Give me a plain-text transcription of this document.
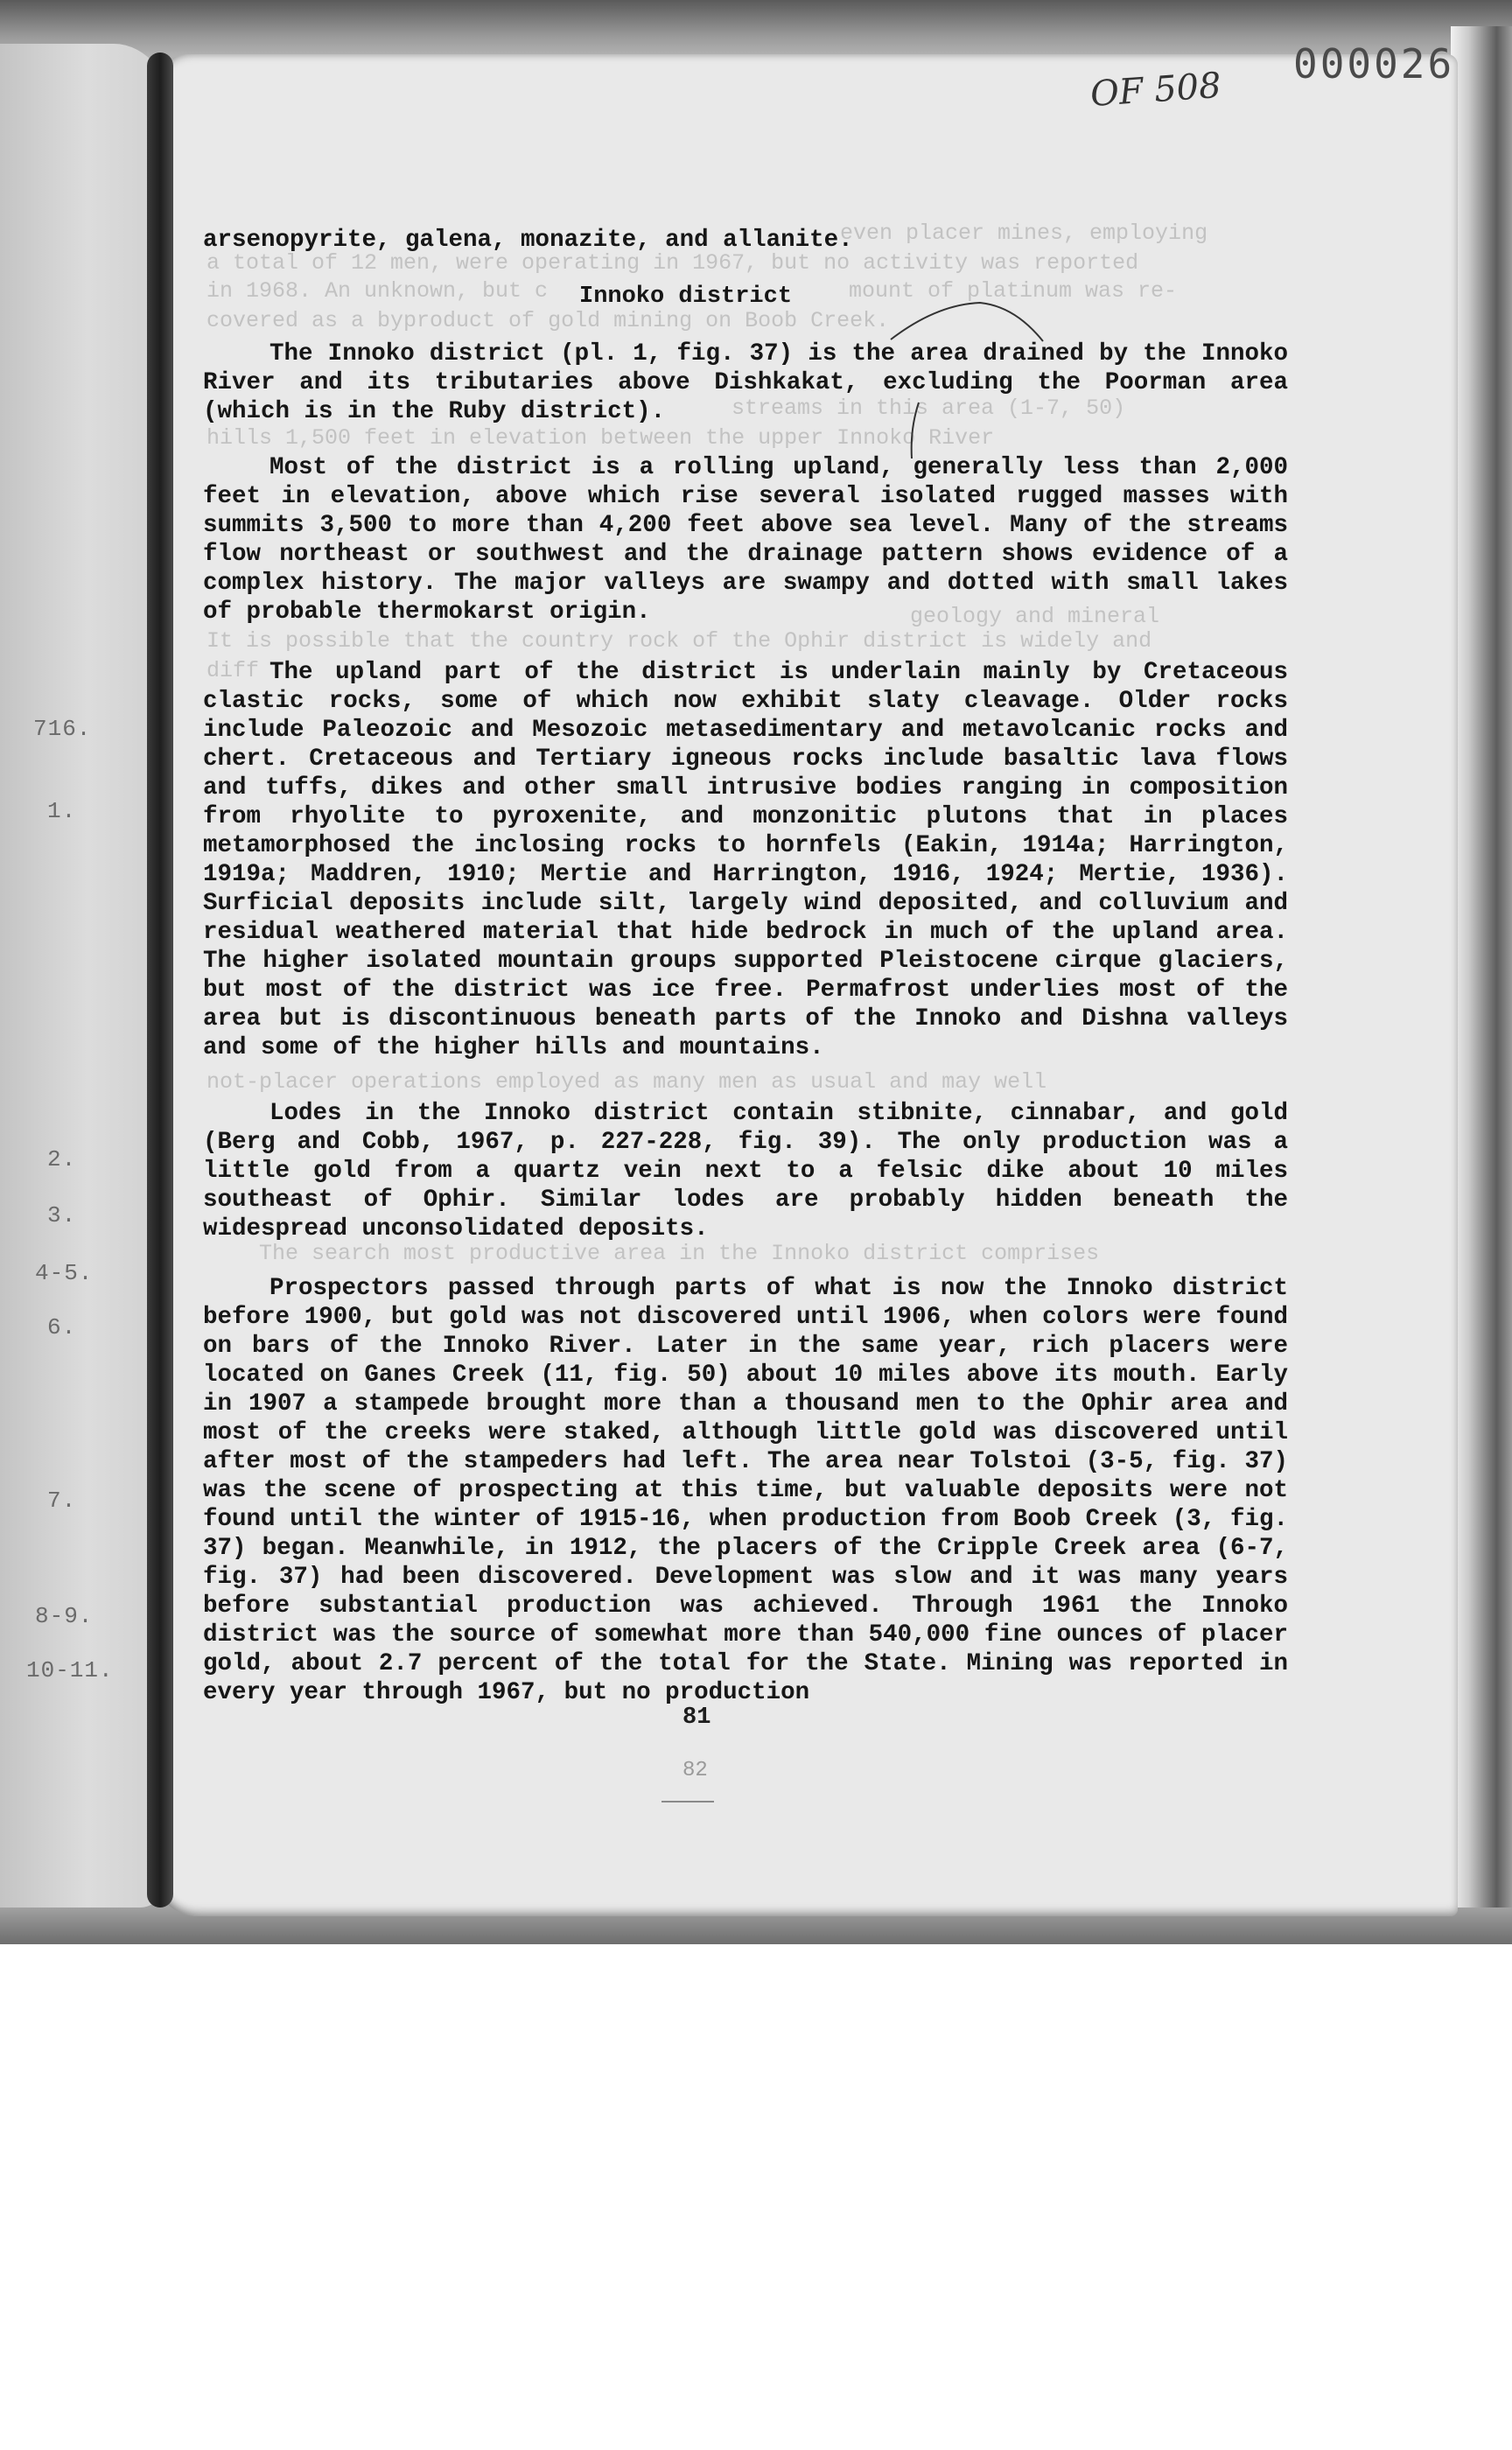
716.
1.
2.
3.
4-5.
6.
7.
8-9.
10-11.
OF 508
000026
even placer mines, employing
a total of 12 men, were operating in 1967, but no activity was reported
in 1968. An unknown, but c	mount of platinum was re-
covered as a byproduct of gold mining on Boob Creek.
streams in this area (1-7, 50)
hills 1,500 feet in elevation between the upper Innoko River
geology and mineral
It is possible that the country rock of the Ophir district is widely and
diff
not-placer operations employed as many men as usual and may well
The search most productive area in the Innoko district comprises

arsenopyrite, galena, monazite, and allanite.

Innoko district

The Innoko district (pl. 1, fig. 37) is the area drained by the Innoko River and its tributaries above Dishkakat, excluding the Poorman area (which is in the Ruby district).

Most of the district is a rolling upland, generally less than 2,000 feet in elevation, above which rise several isolated rugged masses with summits 3,500 to more than 4,200 feet above sea level. Many of the streams flow northeast or southwest and the drainage pattern shows evidence of a complex history. The major valleys are swampy and dotted with small lakes of probable thermokarst origin.

The upland part of the district is underlain mainly by Cretaceous clastic rocks, some of which now exhibit slaty cleavage. Older rocks include Paleozoic and Mesozoic metasedimentary and metavolcanic rocks and chert. Cretaceous and Tertiary igneous rocks include basaltic lava flows and tuffs, dikes and other small intrusive bodies ranging in composition from rhyolite to pyroxenite, and monzonitic plutons that in places metamorphosed the inclosing rocks to hornfels (Eakin, 1914a; Harrington, 1919a; Maddren, 1910; Mertie and Harrington, 1916, 1924; Mertie, 1936). Surficial deposits include silt, largely wind deposited, and colluvium and residual weathered material that hide bedrock in much of the upland area. The higher isolated mountain groups supported Pleistocene cirque glaciers, but most of the district was ice free. Permafrost underlies most of the area but is discontinuous beneath parts of the Innoko and Dishna valleys and some of the higher hills and mountains.

Lodes in the Innoko district contain stibnite, cinnabar, and gold (Berg and Cobb, 1967, p. 227-228, fig. 39). The only production was a little gold from a quartz vein next to a felsic dike about 10 miles southeast of Ophir. Similar lodes are probably hidden beneath the widespread unconsolidated deposits.

Prospectors passed through parts of what is now the Innoko district before 1900, but gold was not discovered until 1906, when colors were found on bars of the Innoko River. Later in the same year, rich placers were located on Ganes Creek (11, fig. 50) about 10 miles above its mouth. Early in 1907 a stampede brought more than a thousand men to the Ophir area and most of the creeks were staked, although little gold was discovered until after most of the stampeders had left. The area near Tolstoi (3-5, fig. 37) was the scene of prospecting at this time, but valuable deposits were not found until the winter of 1915-16, when production from Boob Creek (3, fig. 37) began. Meanwhile, in 1912, the placers of the Cripple Creek area (6-7, fig. 37) had been discovered. Development was slow and it was many years before substantial production was achieved. Through 1961 the Innoko district was the source of somewhat more than 540,000 fine ounces of placer gold, about 2.7 percent of the total for the State. Mining was reported in every year through 1967, but no production

81
82
